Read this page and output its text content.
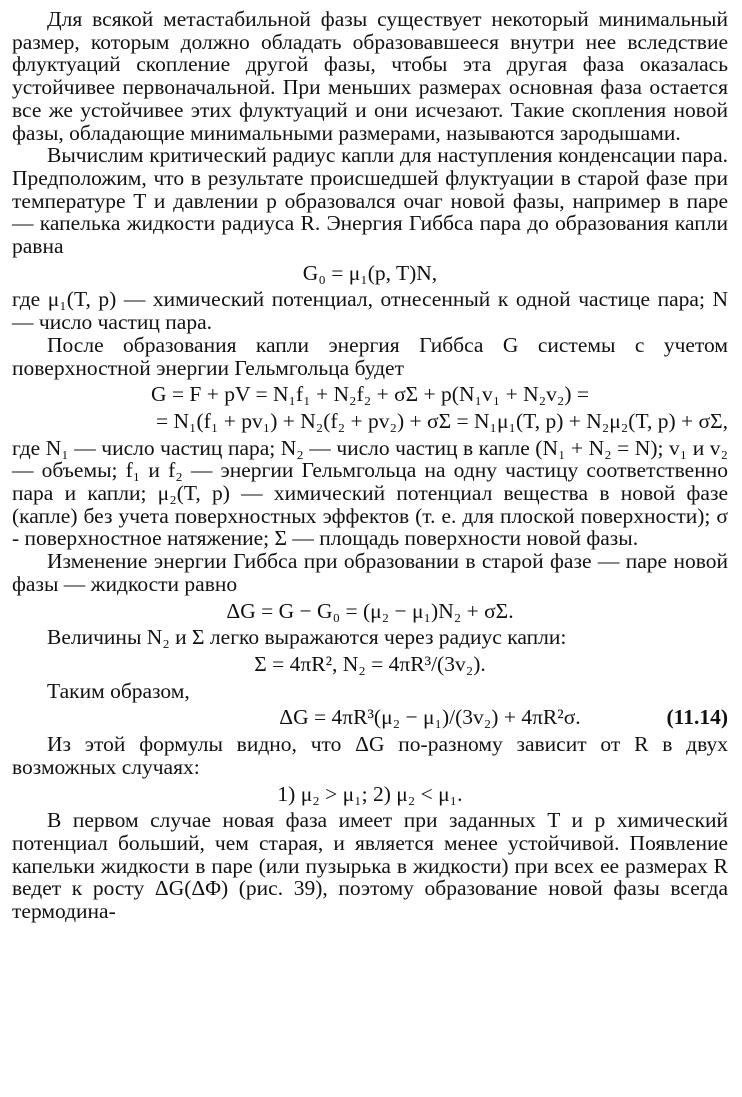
Для всякой метастабильной фазы существует некоторый минимальный размер, которым должно обладать образовавшееся внутри нее вследствие флуктуаций скопление другой фазы, чтобы эта другая фаза оказалась устойчивее первоначальной. При меньших размерах основная фаза остается все же устойчивее этих флуктуаций и они исчезают. Такие скопления новой фазы, обладающие минимальными размерами, называются зародышами.

Вычислим критический радиус капли для наступления конденсации пара. Предположим, что в результате происшедшей флуктуации в старой фазе при температуре T и давлении p образовался очаг новой фазы, например в паре — капелька жидкости радиуса R. Энергия Гиббса пара до образования капли равна

G₀ = μ₁(p, T)N,

где μ₁(T, p) — химический потенциал, отнесенный к одной частице пара; N — число частиц пара.

После образования капли энергия Гиббса G системы с учетом поверхностной энергии Гельмгольца будет

G = F + pV = N₁f₁ + N₂f₂ + σΣ + p(N₁v₁ + N₂v₂) =
= N₁(f₁ + pv₁) + N₂(f₂ + pv₂) + σΣ = N₁μ₁(T, p) + N₂μ₂(T, p) + σΣ,

где N₁ — число частиц пара; N₂ — число частиц в капле (N₁ + N₂ = N); v₁ и v₂ — объемы; f₁ и f₂ — энергии Гельмгольца на одну частицу соответственно пара и капли; μ₂(T, p) — химический потенциал вещества в новой фазе (капле) без учета поверхностных эффектов (т. е. для плоской поверхности); σ - поверхностное натяжение; Σ — площадь поверхности новой фазы.

Изменение энергии Гиббса при образовании в старой фазе — паре новой фазы — жидкости равно

ΔG = G − G₀ = (μ₂ − μ₁)N₂ + σΣ.

Величины N₂ и Σ легко выражаются через радиус капли:

Σ = 4πR², N₂ = 4πR³/(3v₂).

Таким образом,

ΔG = 4πR³(μ₂ − μ₁)/(3v₂) + 4πR²σ.	(11.14)

Из этой формулы видно, что ΔG по-разному зависит от R в двух возможных случаях:

1) μ₂ > μ₁; 2) μ₂ < μ₁.

В первом случае новая фаза имеет при заданных T и p химический потенциал больший, чем старая, и является менее устойчивой. Появление капельки жидкости в паре (или пузырька в жидкости) при всех ее размерах R ведет к росту ΔG(ΔΦ) (рис. 39), поэтому образование новой фазы всегда термодина-
